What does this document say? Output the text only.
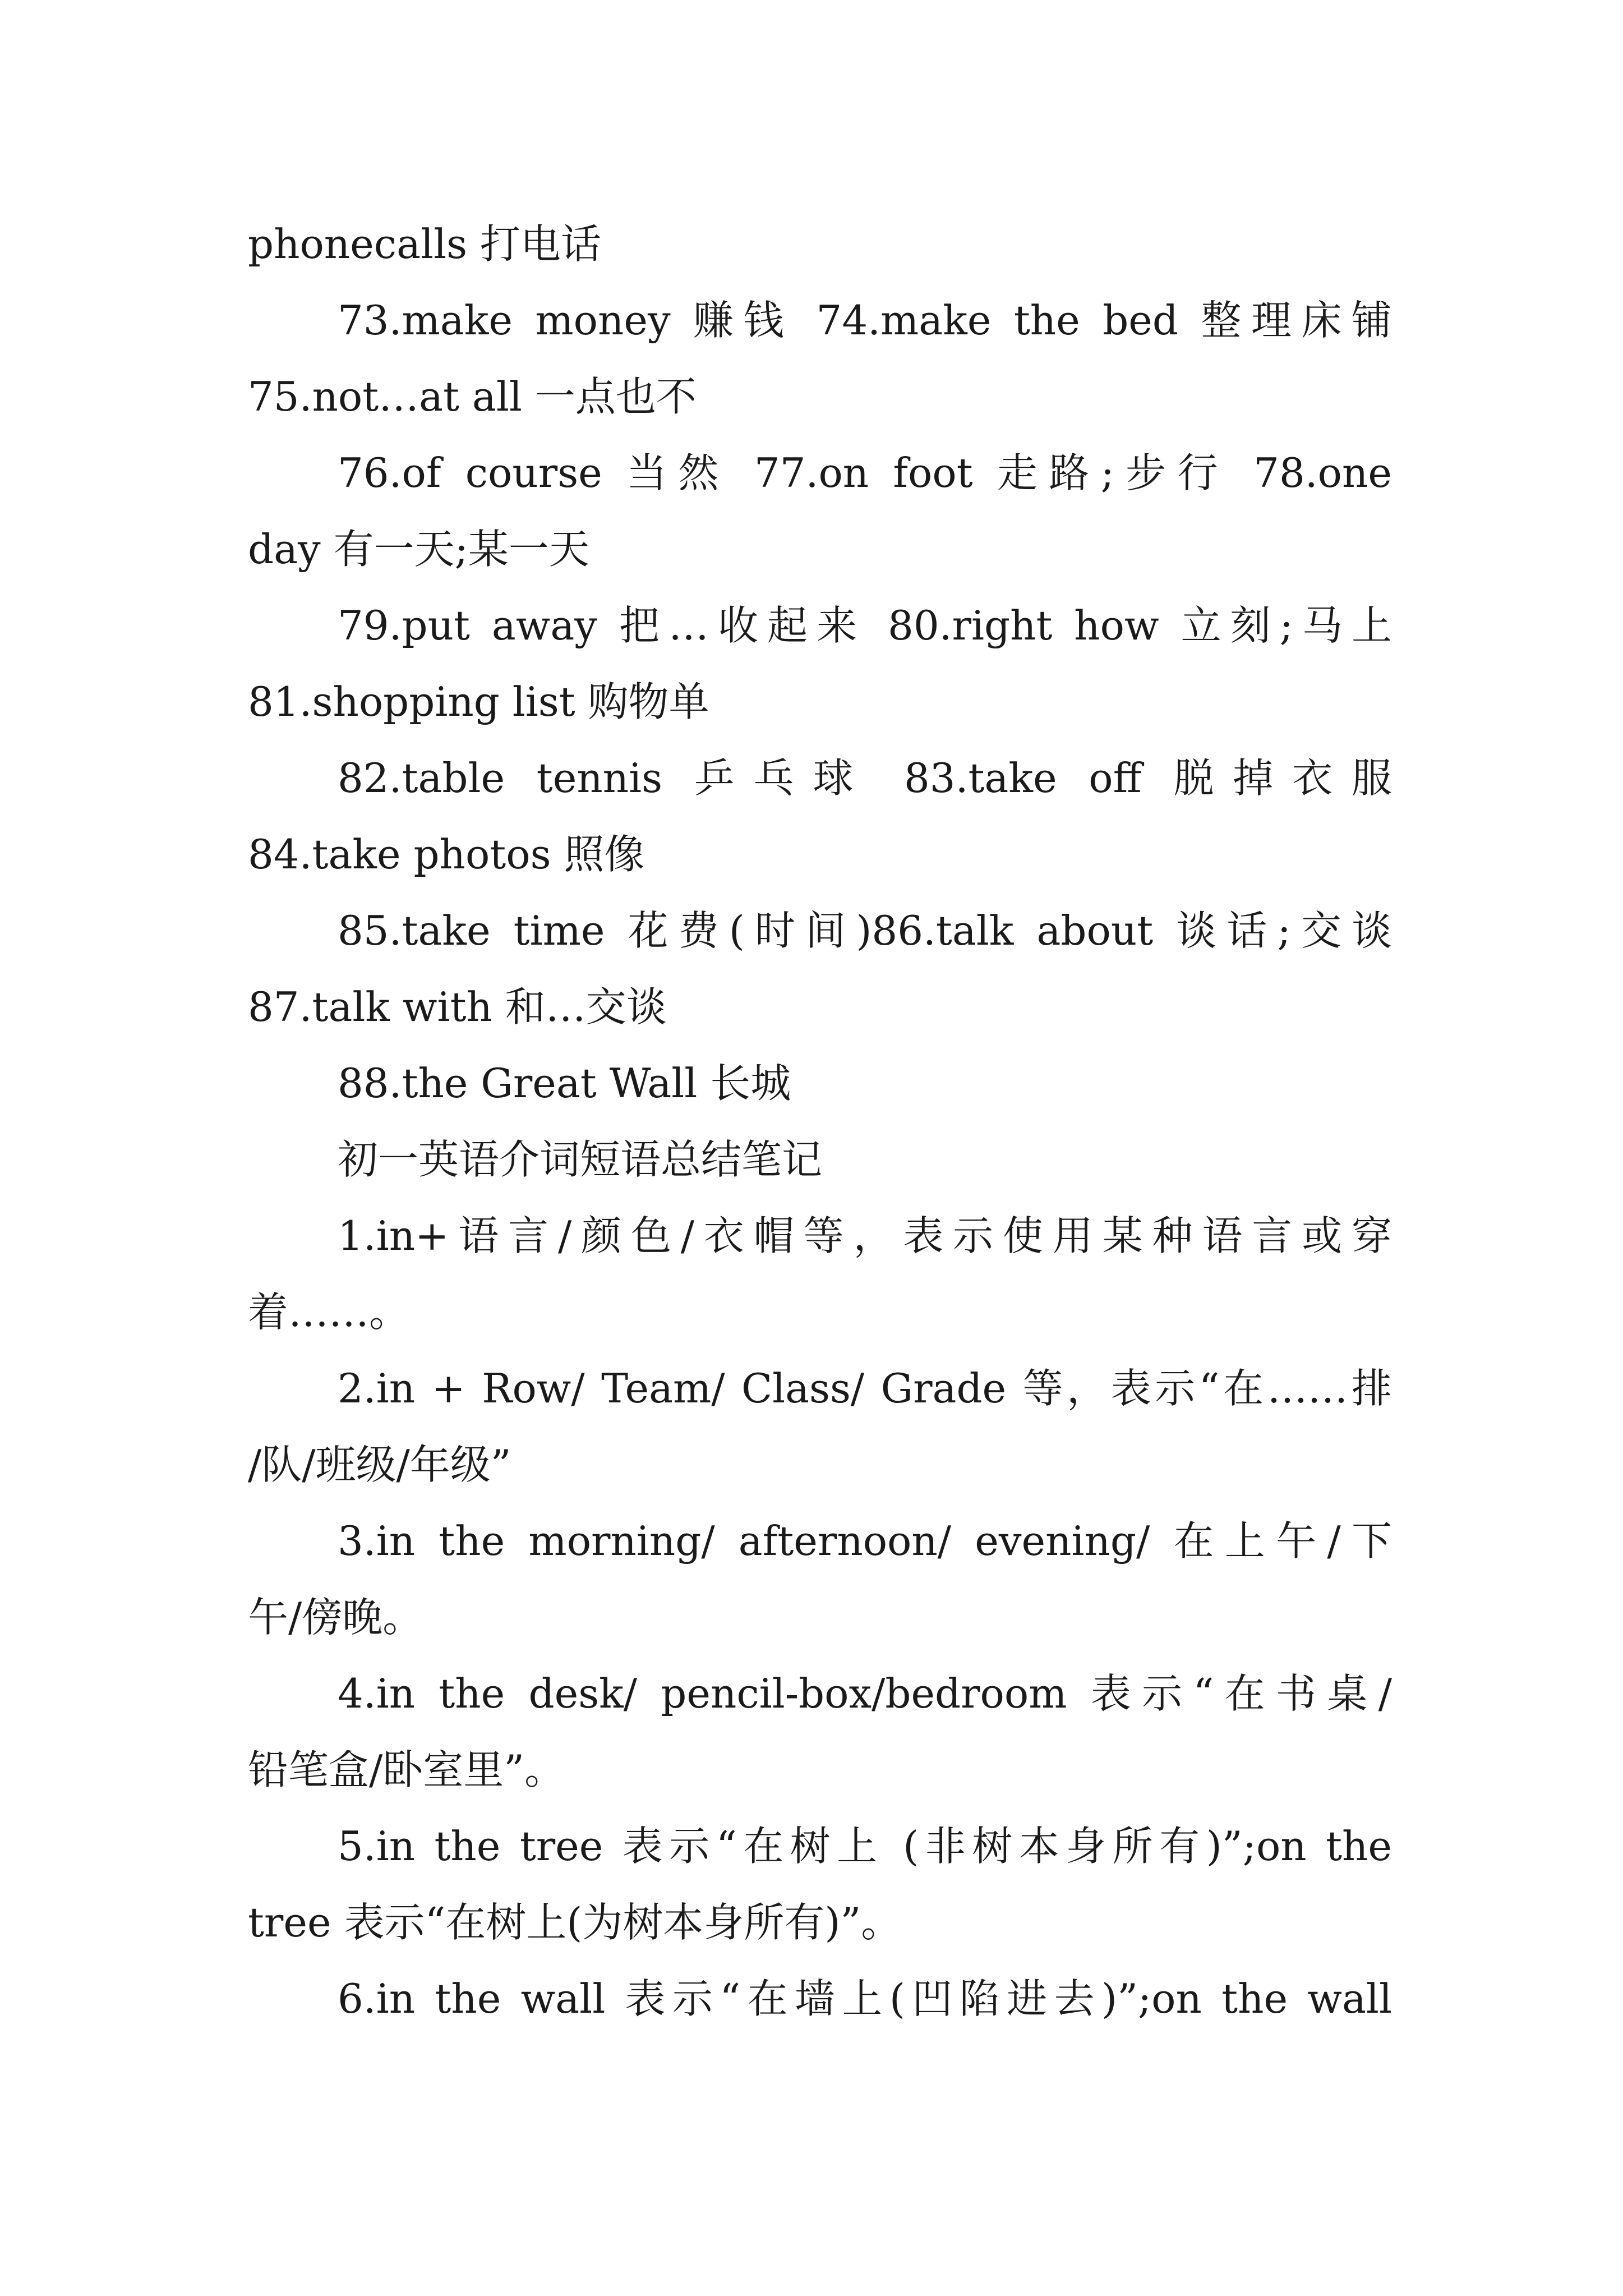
phonecalls 打电话
73.make money 赚钱 74.make the bed 整理床铺
75.not…at all 一点也不
76.of course 当然 77.on foot 走路;步行 78.one
day 有一天;某一天
79.put away 把…收起来 80.right how 立刻;马上
81.shopping list 购物单
82.table tennis 乒乓球 83.take off 脱掉衣服
84.take photos 照像
85.take time 花费(时间)86.talk about 谈话;交谈
87.talk with 和…交谈
88.the Great Wall 长城
初一英语介词短语总结笔记
1.in+语言/颜色/衣帽等，表示使用某种语言或穿
着……。
2.in + Row/ Team/ Class/ Grade 等，表示“在……排
/队/班级/年级”
3.in the morning/ afternoon/ evening/ 在上午/下
午/傍晚。
4.in the desk/ pencil-box/bedroom 表示“在书桌/
铅笔盒/卧室里”。
5.in the tree 表示“在树上 (非树本身所有)”;on the
tree 表示“在树上(为树本身所有)”。
6.in the wall 表示“在墙上(凹陷进去)”;on the wall
